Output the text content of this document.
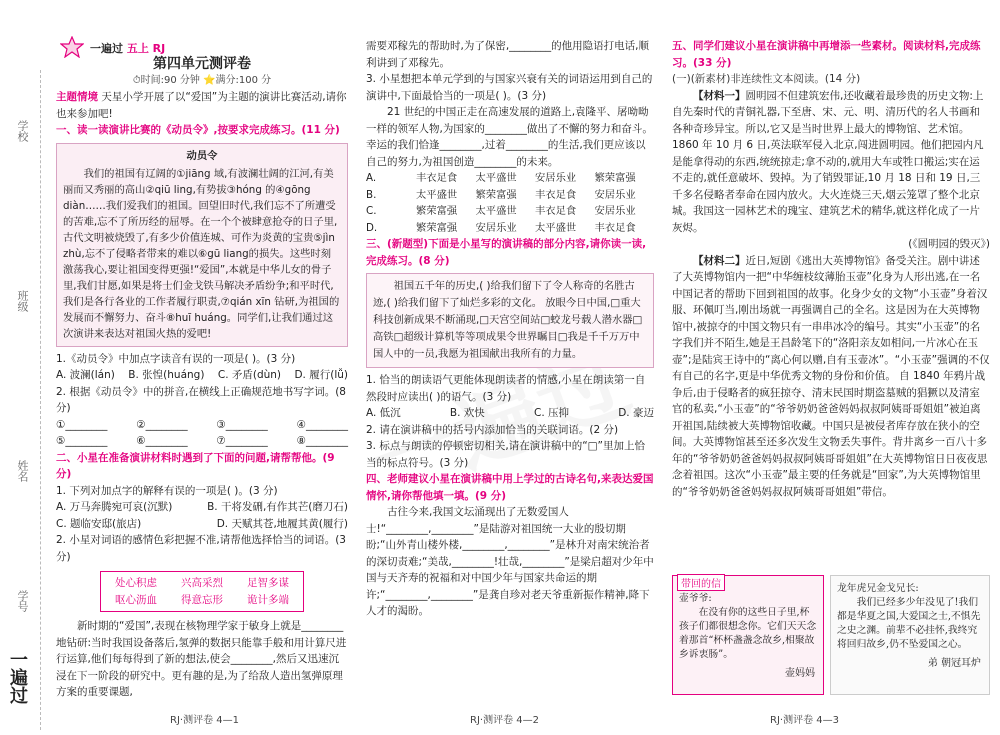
学校
班级
姓名
学号
一遍过
一遍过 五上 RJ
第四单元测评卷
⏱时间:90 分钟 ⭐满分:100 分

主题情境 天星小学开展了以“爱国”为主题的演讲比赛活动,请你也来参加吧!

一、读一读演讲比赛的《动员令》,按要求完成练习。(11 分)

动员令

我们的祖国有辽阔的①jiāng 域,有波澜壮阔的江河,有美丽而又秀丽的高山②qiū ling,有势拔③hóng 的④gōng diàn……我们爱我们的祖国。回望旧时代,我们忘不了所遭受的苦难,忘不了所历经的屈辱。在一个个被肆意抢夺的日子里,古代文明被烧毁了,有多少价值连城、可作为炎黄的宝贵⑤jìn zhù,忘不了侵略者带来的难以⑥gū liang的损失。这些时刻激荡我心,要让祖国变得更强!“爱国”,本就是中华儿女的骨子里,我们甘愿,如果是将士们金戈铁马解决矛盾纷争;和平时代,我们是各行各业的工作者履行职责,⑦qián xīn 钻研,为祖国的发展而不懈努力、奋斗⑧huī huáng。同学们,让我们通过这次演讲来表达对祖国火热的爱吧!

1.《动员令》中加点字读音有误的一项是( )。(3 分)

A. 波澜(lán) B. 张惶(huáng) C. 矛盾(dùn) D. 履行(lǚ)

2. 根据《动员令》中的拼音,在横线上正确规范地书写字词。(8 分)

①________	②________	③________	④________
⑤________	⑥________	⑦________	⑧________

二、小星在准备演讲材料时遇到了下面的问题,请帮帮他。(9 分)

1. 下列对加点字的解释有误的一项是( )。(3 分)

A. 万马奔腾宛可哀(沉默)	B. 干将发硎,有作其芒(磨刀石)
C. 题临安邸(旅店)	D. 天赋其苍,地履其黄(履行)

2. 小星对词语的感情色彩把握不准,请帮他选择恰当的词语。(3 分)

处心积虑	兴高采烈	足智多谋
呕心沥血	得意忘形	诡计多端

新时期的“爱国”,表现在核物理学家于敏身上就是________地钻研:当时我国设备落后,氢弹的数据只能靠手般和用计算尺进行运算,他们每每得到了新的想法,使会________,然后又迅速沉浸在下一阶段的研究中。更有趣的是,为了给敌人造出氢弹原理方案的重要课题,

需要邓稼先的帮助时,为了保密,________的他用隐语打电话,顺利讲到了邓稼先。

3. 小星想把本单元学到的与国家兴衰有关的词语运用到自己的演讲中,下面最恰当的一项是( )。(3 分)

21 世纪的中国正走在高速发展的道路上,袁隆平、屠呦呦一样的领军人物,为国家的________做出了不懈的努力和奋斗。幸运的我们恰逢________,过着________的生活,我们更应该以自己的努力,为祖国创造________的未来。

A.	丰衣足食	太平盛世	安居乐业	繁荣富强
B.	太平盛世	繁荣富强	丰衣足食	安居乐业
C.	繁荣富强	太平盛世	丰衣足食	安居乐业
D.	繁荣富强	安居乐业	太平盛世	丰衣足食

三、(新题型)下面是小星写的演讲稿的部分内容,请你读一读,完成练习。(8 分)

祖国五千年的历史,( )给我们留下了令人称奇的名胜古迹,( )给我们留下了灿烂多彩的文化。 放眼今日中国,□重大科技创新成果不断涌现,□天宫空间站□蛟龙号载人潜水器□高铁□超级计算机等等项成果令世界瞩目□我是千千万万中国人中的一员,我愿为祖国献出我所有的力量。

1. 恰当的朗读语气更能体现朗读者的情感,小星在朗读第一自然段时应读出( )的语气。(3 分)

A. 低沉	B. 欢快	C. 压抑	D. 豪迈

2. 请在演讲稿中的括号内添加恰当的关联词语。(2 分)

3. 标点与朗读的停顿密切相关,请在演讲稿中的“□”里加上恰当的标点符号。(3 分)

四、老师建议小星在演讲稿中用上学过的古诗名句,来表达爱国情怀,请你帮他填一填。(9 分)

古往今来,我国文坛涌现出了无数爱国人士!“________,________”是陆游对祖国统一大业的殷切期盼;“山外青山楼外楼,________,________”是林升对南宋统治者的深切责难;“美哉,________!壮哉,________”是梁启超对少年中国与天齐寿的祝福和对中国少年与国家共命运的期许;“________,________”是龚自珍对老天爷重新振作精神,降下人才的渴盼。

五、同学们建议小星在演讲稿中再增添一些素材。阅读材料,完成练习。(33 分)

(一)(新素材)非连续性文本阅读。(14 分)

【材料一】圆明园不但建筑宏伟,还收藏着最珍贵的历史文物:上自先秦时代的青铜礼器,下至唐、宋、元、明、清历代的名人书画和各种奇珍异宝。所以,它又是当时世界上最大的博物馆、艺术馆。 1860 年 10 月 6 日,英法联军侵入北京,闯进圆明园。他们把园内凡是能拿得动的东西,统统掠走;拿不动的,就用大车或牲口搬运;实在运不走的,就任意破坏、毁掉。为了销毁罪证,10 月 18 日和 19 日,三千多名侵略者奉命在园内放火。大火连烧三天,烟云笼罩了整个北京城。我国这一园林艺术的瑰宝、建筑艺术的精华,就这样化成了一片灰烬。

(《圆明园的毁灭》)

【材料二】近日,短剧《逃出大英博物馆》备受关注。剧中讲述了大英博物馆内一把“中华缠枝纹薄胎玉壶”化身为人形出逃,在一名中国记者的帮助下回到祖国的故事。化身少女的文物“小玉壶”身着汉服、环佩叮当,刚出场就一再强调自己的全名。这是因为在大英博物馆中,被掠夺的中国文物只有一串串冰冷的编号。其实“小玉壶”的名字我们并不陌生,她是王昌龄笔下的“洛阳亲友如相问,一片冰心在玉壶”;是陆宾王诗中的“离心何以赠,自有玉壶冰”。“小玉壶”强调的不仅有自己的名字,更是中华优秀文物的身份和价值。 自 1840 年鸦片战争后,由于侵略者的疯狂掠夺、清末民国时期盗墓贼的猖獗以及清室官的私卖,“小玉壶”的“爷爷奶奶爸爸妈妈叔叔阿姨哥哥姐姐”被迫离开祖国,陆续被大英博物馆收藏。中国只是被侵者库存放在狭小的空间。大英博物馆甚至还多次发生文物丢失事件。背井离乡一百八十多年的“爷爷奶奶爸爸妈妈叔叔阿姨哥哥姐姐”在大英博物馆日日夜夜思念着祖国。这次“小玉壶”最主要的任务就是“回家”,为大英博物馆里的“爷爷奶奶爸爸妈妈叔叔阿姨哥哥姐姐”带信。

带回的信
壶爷爷:
在没有你的这些日子里,杯孩子们都很想念你。它们天天念着那首“杯杯盏盏念故乡,相聚故乡诉衷肠”。
壶妈妈
龙年虎兄金戈兄长:
我们已经多少年没见了!我们都是华夏之国,大爱国之士,不惧先之史之渊。前辈不必挂怀,我终究将回归故乡,仍不坠爱国之心。
弟 朝冠耳炉
RJ·测评卷 4—1	RJ·测评卷 4—2	RJ·测评卷 4—3
